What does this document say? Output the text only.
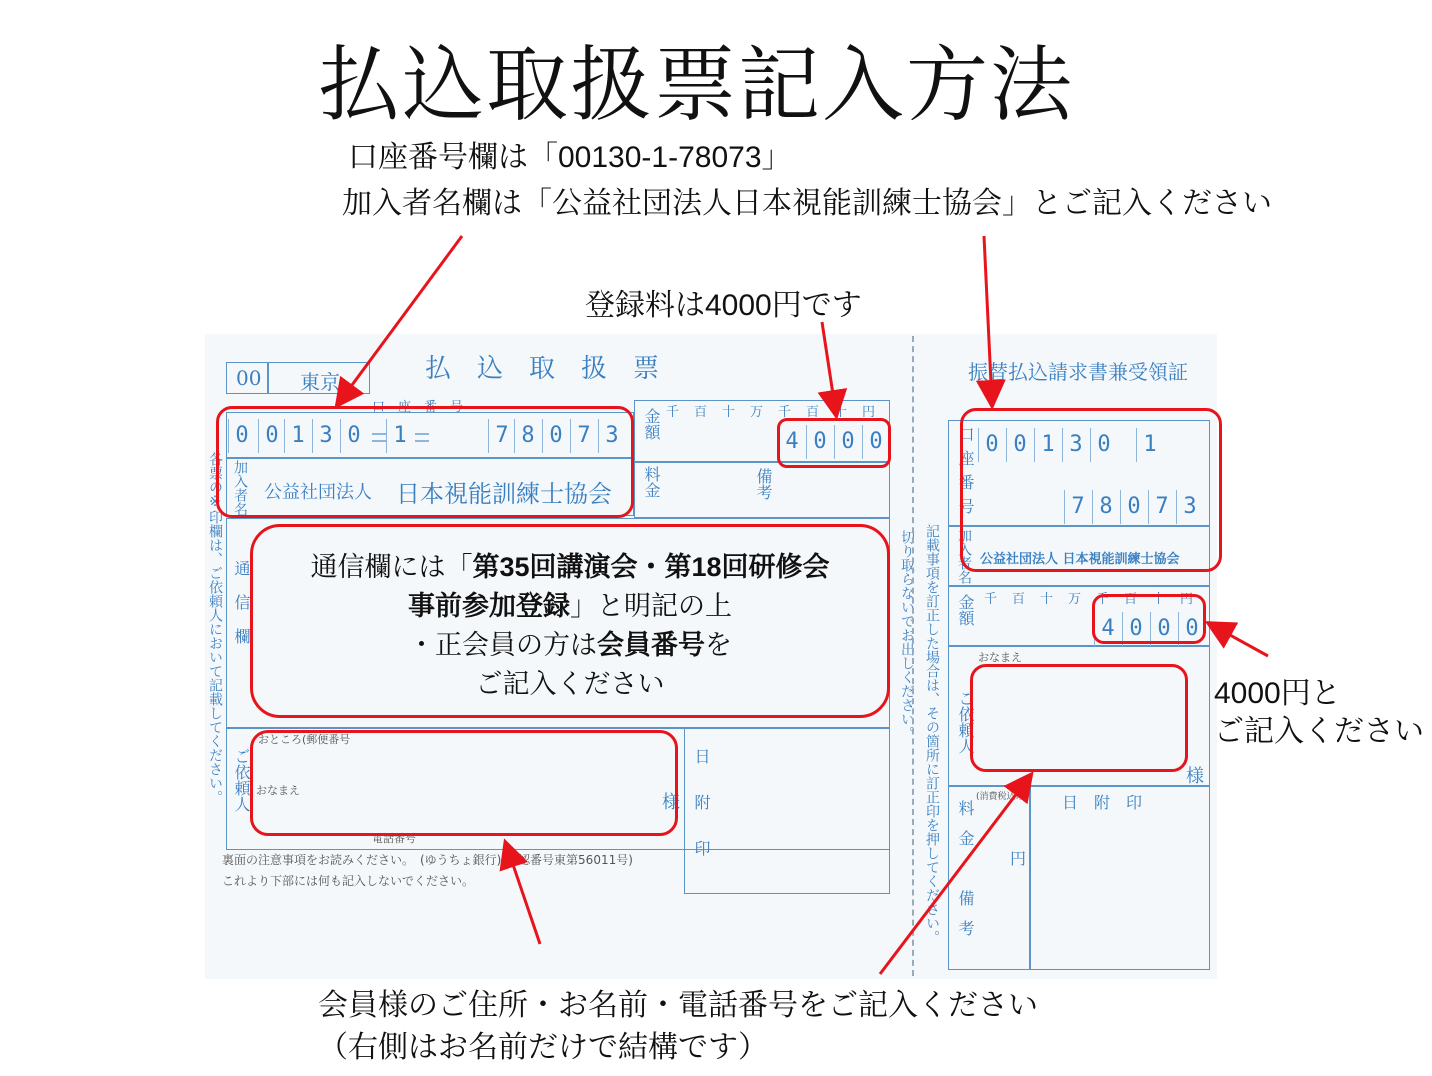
払込取扱票記入方法
口座番号欄は「00130-1-78073」
加入者名欄は「公益社団法人日本視能訓練士協会」とご記入ください
登録料は4000円です
00 東京	払　込　取　扱　票
口　座　番　号
0 0 1 3 0	1	7 8 0 7 3	金額 千 百 十 万 千 百 十 円
4 0 0 0
加入者名 公益社団法人 日本視能訓練士協会 料金	備考
通信欄
ご依頼人
おところ(郵便番号
おなまえ
電話番号
様 日附印
裏面の注意事項をお読みください。　(ゆうちょ銀行)(承認番号東第56011号)
これより下部には何も記入しないでください。
各票の※印欄は、ご依頼人において記載してください。	切り取らないでお出しください。
振替払込請求書兼受領証
口座番号 0 0 1 3 0	1
7 8 0 7 3
加入者名 公益社団法人 日本視能訓練士協会
金額 千 百 十 万 千 百 十 円
4 0 0 0
おなまえ
ご依頼人
様
(消費税込み)
料金 円
備考
日　附　印
記載事項を訂正した場合は、その箇所に訂正印を押してください。
通信欄には「第35回講演会・第18回研修会
事前参加登録」と明記の上
・正会員の方は会員番号を
ご記入ください	4000円と
ご記入ください
会員様のご住所・お名前・電話番号をご記入ください
（右側はお名前だけで結構です）
